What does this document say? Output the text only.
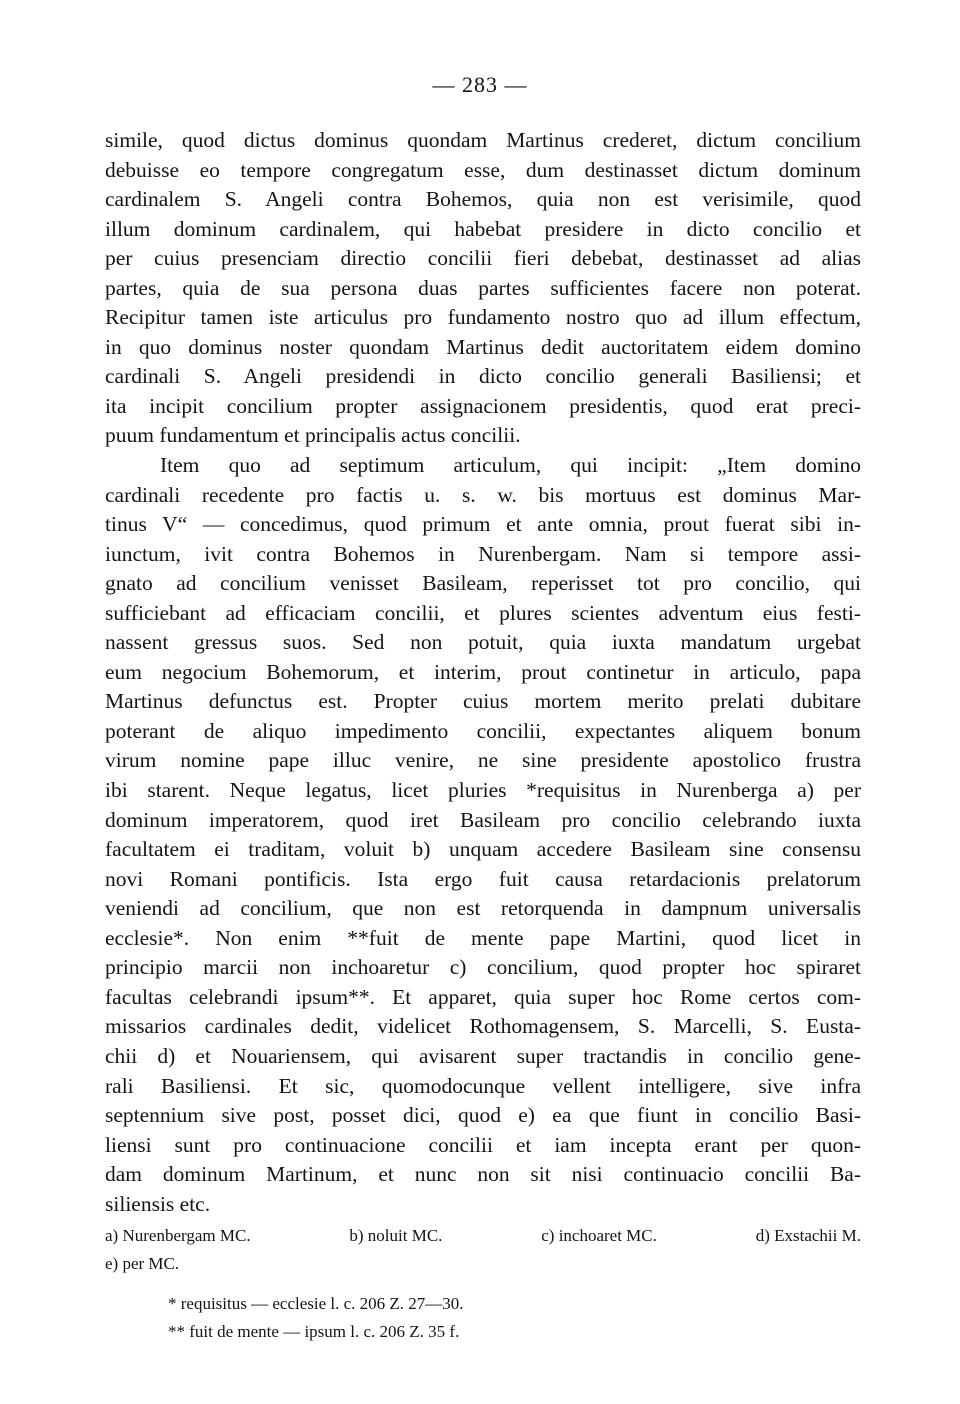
— 283 —
simile, quod dictus dominus quondam Martinus crederet, dictum concilium
debuisse eo tempore congregatum esse, dum destinasset dictum dominum
cardinalem S. Angeli contra Bohemos, quia non est verisimile, quod
illum dominum cardinalem, qui habebat presidere in dicto concilio et
per cuius presenciam directio concilii fieri debebat, destinasset ad alias
partes, quia de sua persona duas partes sufficientes facere non poterat.
Recipitur tamen iste articulus pro fundamento nostro quo ad illum effectum,
in quo dominus noster quondam Martinus dedit auctoritatem eidem domino
cardinali S. Angeli presidendi in dicto concilio generali Basiliensi; et
ita incipit concilium propter assignacionem presidentis, quod erat preci-
puum fundamentum et principalis actus concilii.
Item quo ad septimum articulum, qui incipit: „Item domino
cardinali recedente pro factis u. s. w. bis mortuus est dominus Mar-
tinus V“ — concedimus, quod primum et ante omnia, prout fuerat sibi in-
iunctum, ivit contra Bohemos in Nurenbergam. Nam si tempore assi-
gnato ad concilium venisset Basileam, reperisset tot pro concilio, qui
sufficiebant ad efficaciam concilii, et plures scientes adventum eius festi-
nassent gressus suos. Sed non potuit, quia iuxta mandatum urgebat
eum negocium Bohemorum, et interim, prout continetur in articulo, papa
Martinus defunctus est. Propter cuius mortem merito prelati dubitare
poterant de aliquo impedimento concilii, expectantes aliquem bonum
virum nomine pape illuc venire, ne sine presidente apostolico frustra
ibi starent. Neque legatus, licet pluries *requisitus in Nurenberga a) per
dominum imperatorem, quod iret Basileam pro concilio celebrando iuxta
facultatem ei traditam, voluit b) unquam accedere Basileam sine consensu
novi Romani pontificis. Ista ergo fuit causa retardacionis prelatorum
veniendi ad concilium, que non est retorquenda in dampnum universalis
ecclesie*. Non enim **fuit de mente pape Martini, quod licet in
principio marcii non inchoaretur c) concilium, quod propter hoc spiraret
facultas celebrandi ipsum**. Et apparet, quia super hoc Rome certos com-
missarios cardinales dedit, videlicet Rothomagensem, S. Marcelli, S. Eusta-
chii d) et Nouariensem, qui avisarent super tractandis in concilio gene-
rali Basiliensi. Et sic, quomodocunque vellent intelligere, sive infra
septennium sive post, posset dici, quod e) ea que fiunt in concilio Basi-
liensi sunt pro continuacione concilii et iam incepta erant per quon-
dam dominum Martinum, et nunc non sit nisi continuacio concilii Ba-
siliensis etc.
a) Nurenbergam MC.	b) noluit MC.	c) inchoaret MC.	d) Exstachii M.
e) per MC.
* requisitus — ecclesie l. c. 206 Z. 27—30.
** fuit de mente — ipsum l. c. 206 Z. 35 f.
